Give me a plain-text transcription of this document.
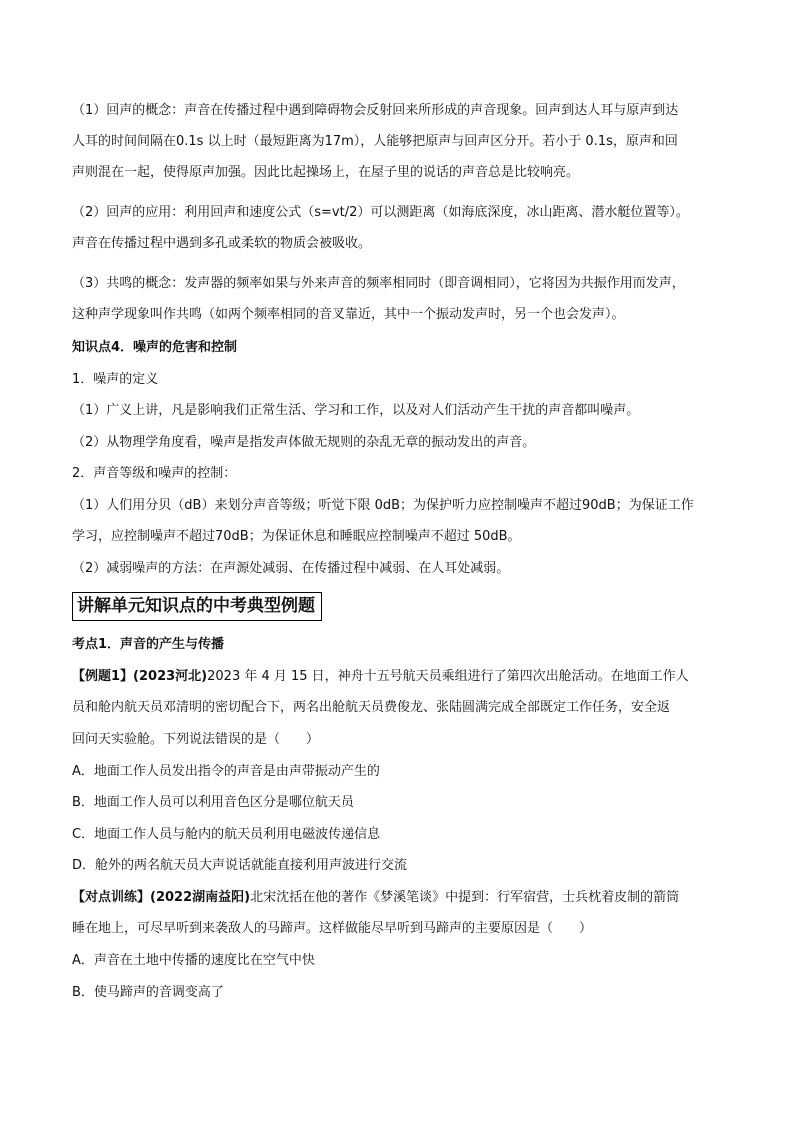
（1）回声的概念：声音在传播过程中遇到障碍物会反射回来所形成的声音现象。回声到达人耳与原声到达
人耳的时间间隔在0.1s 以上时（最短距离为17m），人能够把原声与回声区分开。若小于 0.1s，原声和回
声则混在一起，使得原声加强。因此比起操场上，在屋子里的说话的声音总是比较响亮。
（2）回声的应用：利用回声和速度公式（s=vt/2）可以测距离（如海底深度，冰山距离、潜水艇位置等）。
声音在传播过程中遇到多孔或柔软的物质会被吸收。
（3）共鸣的概念：发声器的频率如果与外来声音的频率相同时（即音调相同），它将因为共振作用而发声，
这种声学现象叫作共鸣（如两个频率相同的音叉靠近，其中一个振动发声时，另一个也会发声）。
知识点4．噪声的危害和控制
1．噪声的定义
（1）广义上讲，凡是影响我们正常生活、学习和工作，以及对人们活动产生干扰的声音都叫噪声。
（2）从物理学角度看，噪声是指发声体做无规则的杂乱无章的振动发出的声音。
2．声音等级和噪声的控制：
（1）人们用分贝（dB）来划分声音等级；听觉下限 0dB；为保护听力应控制噪声不超过90dB；为保证工作
学习，应控制噪声不超过70dB；为保证休息和睡眠应控制噪声不超过 50dB。
（2）减弱噪声的方法：在声源处减弱、在传播过程中减弱、在人耳处减弱。
讲解单元知识点的中考典型例题
考点1．声音的产生与传播
【例题1】(2023河北)2023 年 4 月 15 日，神舟十五号航天员乘组进行了第四次出舱活动。在地面工作人
员和舱内航天员邓清明的密切配合下，两名出舱航天员费俊龙、张陆圆满完成全部既定工作任务，安全返
回问天实验舱。下列说法错误的是（　　）
A．地面工作人员发出指令的声音是由声带振动产生的
B．地面工作人员可以利用音色区分是哪位航天员
C．地面工作人员与舱内的航天员利用电磁波传递信息
D．舱外的两名航天员大声说话就能直接利用声波进行交流
【对点训练】(2022湖南益阳)北宋沈括在他的著作《梦溪笔谈》中提到：行军宿营，士兵枕着皮制的箭筒
睡在地上，可尽早听到来袭敌人的马蹄声。这样做能尽早听到马蹄声的主要原因是（　　）
A．声音在土地中传播的速度比在空气中快
B．使马蹄声的音调变高了
